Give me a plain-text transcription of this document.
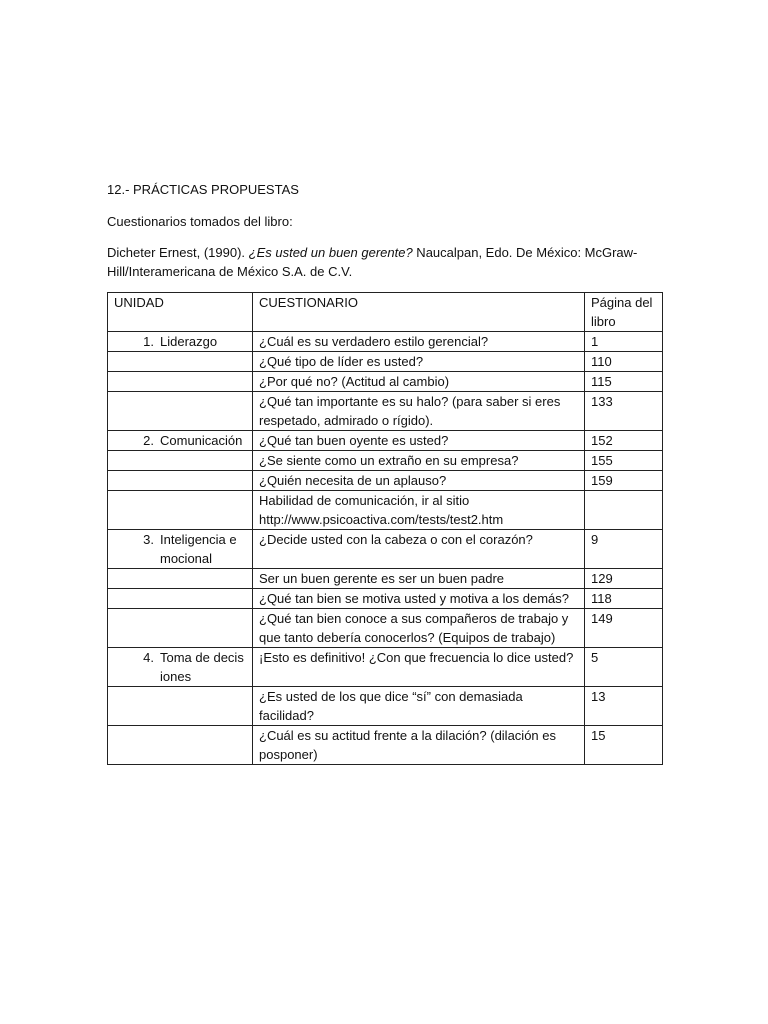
12.- PRÁCTICAS PROPUESTAS
Cuestionarios tomados del libro:
Dicheter Ernest, (1990). ¿Es usted un buen gerente? Naucalpan, Edo. De México: McGraw-Hill/Interamericana de México S.A. de C.V.
UNIDAD	CUESTIONARIO	Página del libro

1. Liderazgo	¿Cuál es su verdadero estilo gerencial?	1

	¿Qué tipo de líder es usted?	110

	¿Por qué no? (Actitud al cambio)	115

	¿Qué tan importante es su halo? (para saber si eres respetado, admirado o rígido).	133

2. Comunicación	¿Qué tan buen oyente es usted?	152

	¿Se siente como un extraño en su empresa?	155

	¿Quién necesita de un aplauso?	159

	Habilidad de comunicación, ir al sitio http://www.psicoactiva.com/tests/test2.htm	

3. Inteligencia emocional	¿Decide usted con la cabeza o con el corazón?	9

	Ser un buen gerente es ser un buen padre	129

	¿Qué tan bien se motiva usted y motiva a los demás?	118

	¿Qué tan bien conoce a sus compañeros de trabajo y que tanto debería conocerlos? (Equipos de trabajo)	149

4. Toma de decisiones	¡Esto es definitivo! ¿Con que frecuencia lo dice usted?	5

	¿Es usted de los que dice “sí” con demasiada facilidad?	13

	¿Cuál es su actitud frente a la dilación? (dilación es posponer)	15
